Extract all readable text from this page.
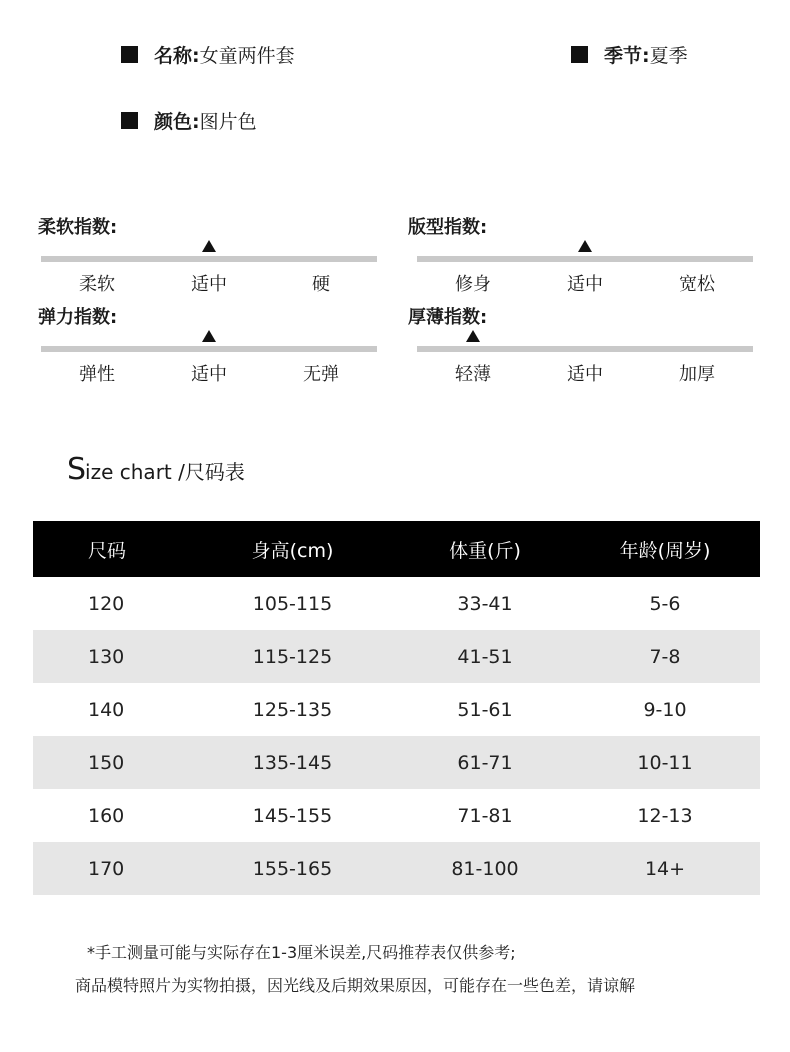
名称: 女童两件套	季节: 夏季
颜色: 图片色
柔软指数:
柔软	适中	硬
版型指数:
修身	适中	宽松
弹力指数:
弹性	适中	无弹
厚薄指数:
轻薄	适中	加厚
Size chart /尺码表
尺码	身高(cm)	体重(斤)	年龄(周岁)
120	105-115	33-41	5-6
130	115-125	41-51	7-8
140	125-135	51-61	9-10
150	135-145	61-71	10-11
160	145-155	71-81	12-13
170	155-165	81-100	14+
*手工测量可能与实际存在1-3厘米误差,尺码推荐表仅供参考;
商品模特照片为实物拍摄，因光线及后期效果原因，可能存在一些色差，请谅解
